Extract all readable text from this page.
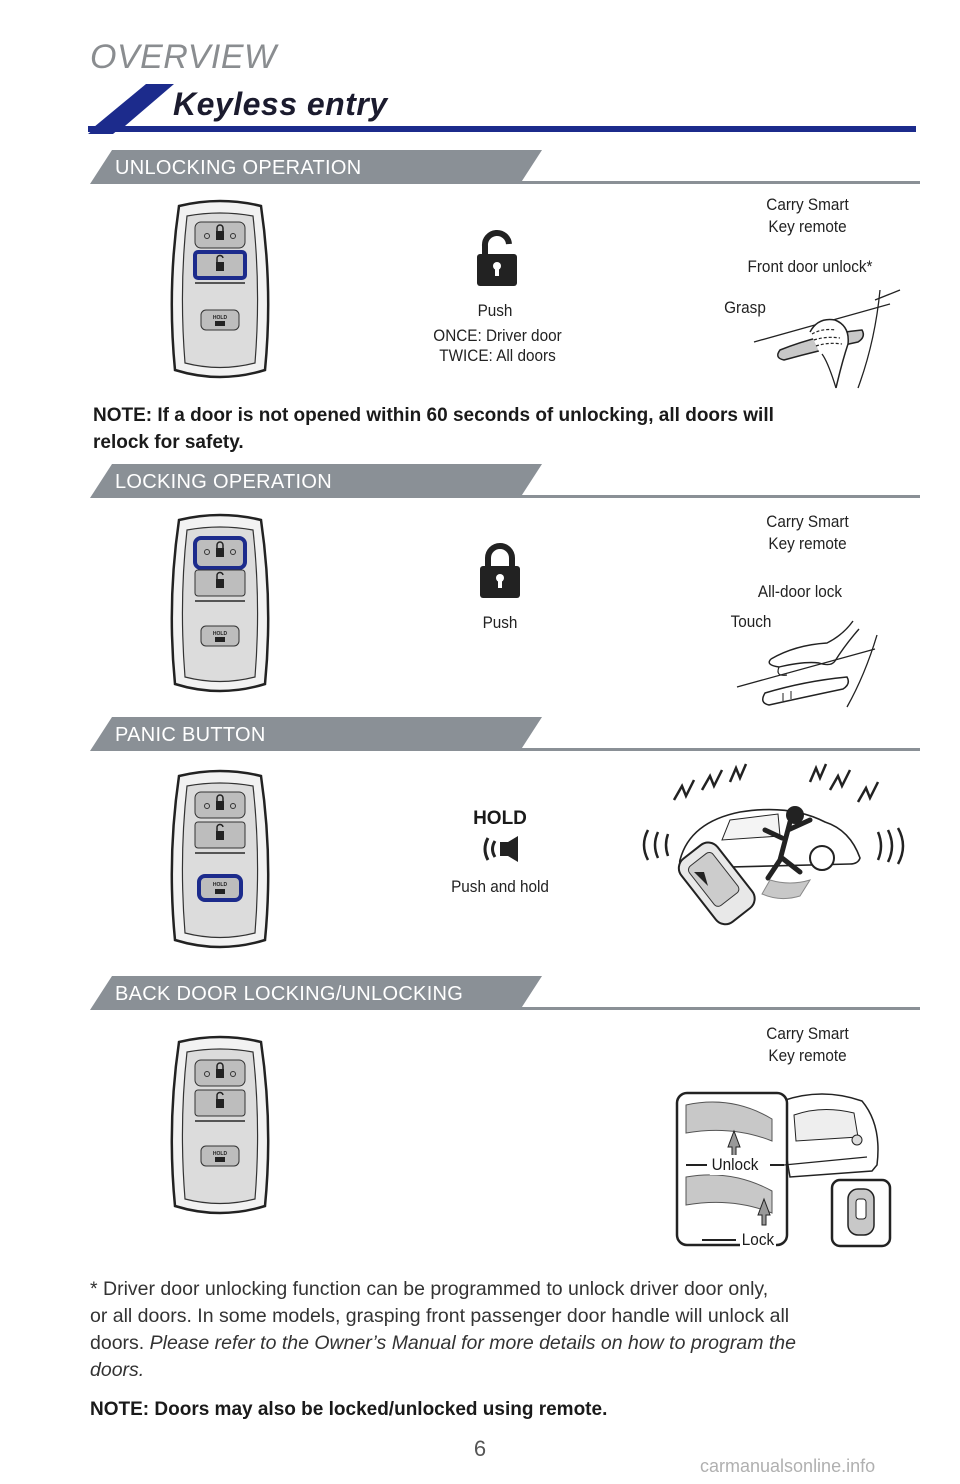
OVERVIEW
Keyless entry
UNLOCKING OPERATION
HOLD	Push
ONCE: Driver door
TWICE: All doors
Carry Smart
Key remote
Front door unlock*
Grasp
NOTE: If a door is not opened within 60 seconds of unlocking, all doors will
relock for safety.
LOCKING OPERATION
HOLD
Push
Carry Smart
Key remote
All-door lock
Touch
PANIC BUTTON
HOLD
HOLD
Push and hold
BACK DOOR LOCKING/UNLOCKING
HOLD
Carry Smart
Key remote
Unlock
Lock
* Driver door unlocking function can be programmed to unlock driver door only,
or all doors. In some models, grasping front passenger door handle will unlock all
doors. Please refer to the Owner’s Manual for more details on how to program the
doors.
NOTE: Doors may also be locked/unlocked using remote.
6
carmanualsonline.info
